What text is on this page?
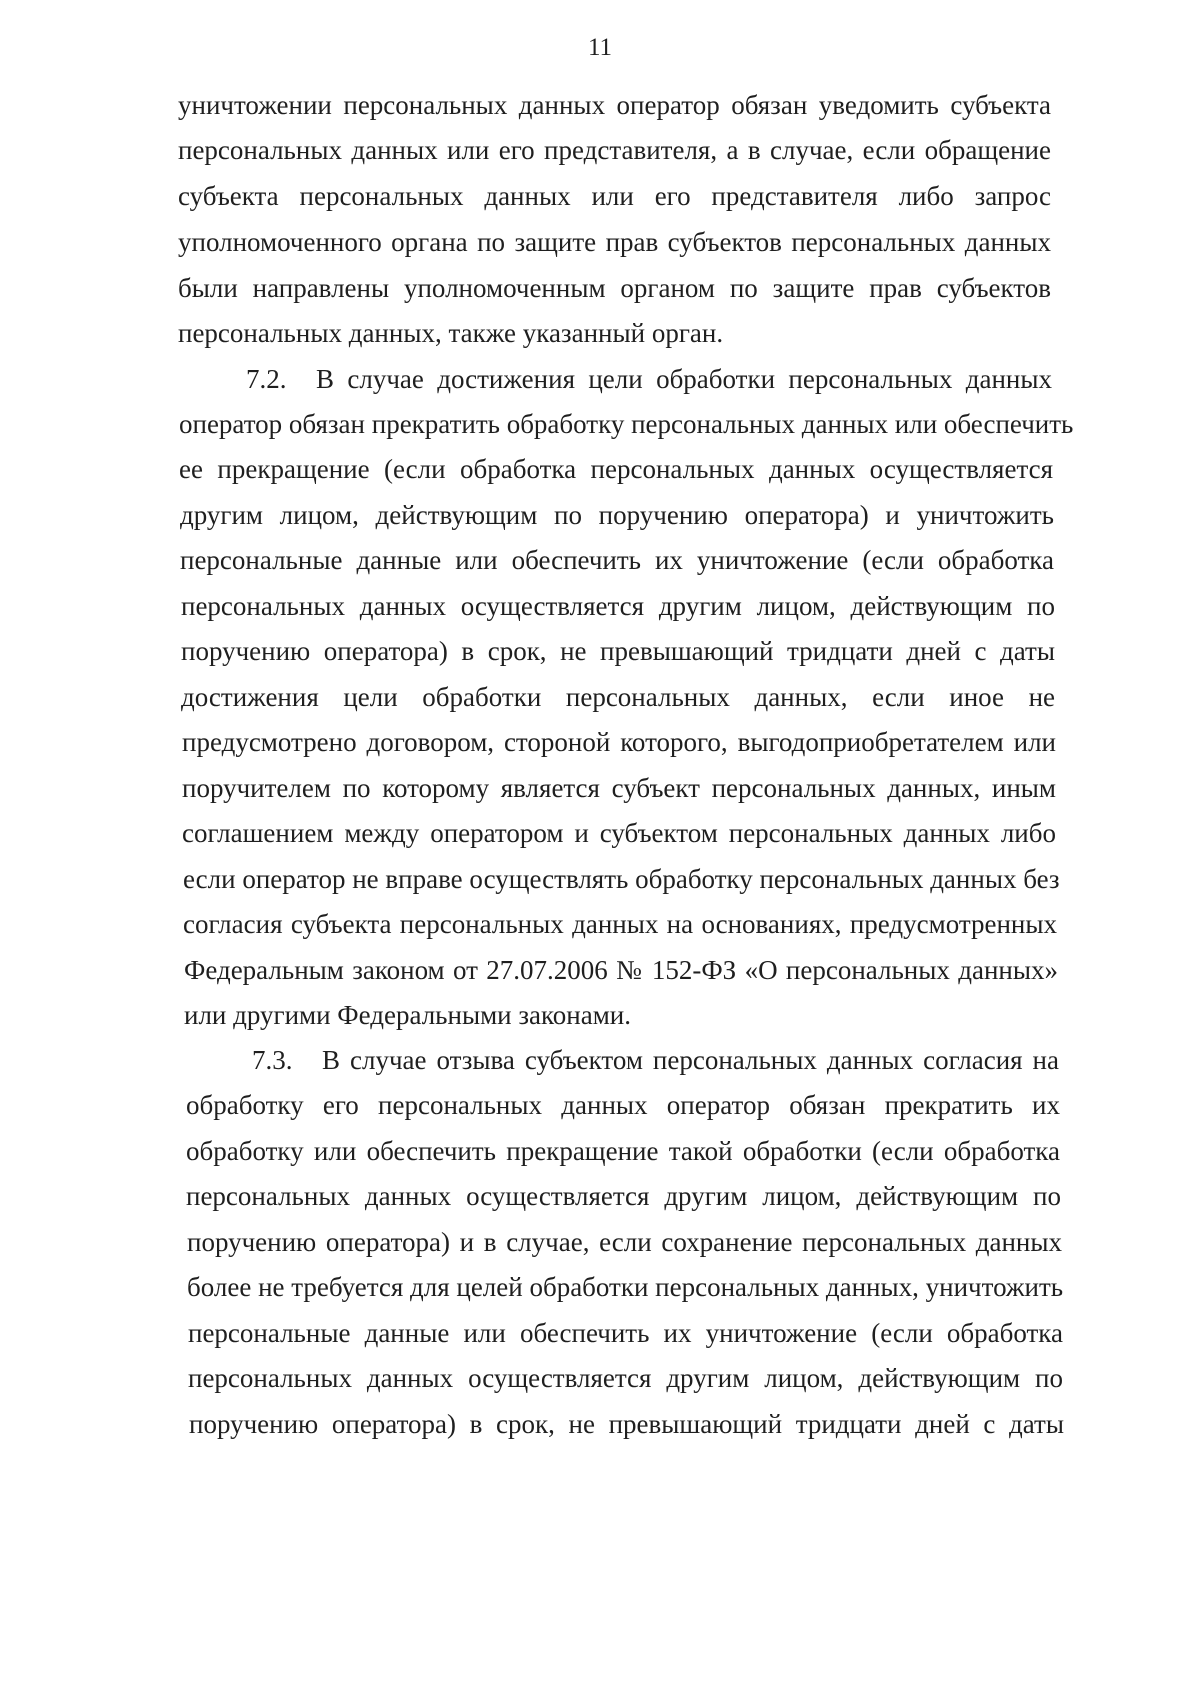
11
уничтожении персональных данных оператор обязан уведомить субъекта
персональных данных или его представителя, а в случае, если обращение
субъекта персональных данных или его представителя либо запрос
уполномоченного органа по защите прав субъектов персональных данных
были направлены уполномоченным органом по защите прав субъектов
персональных данных, также указанный орган.
7.2. В случае достижения цели обработки персональных данных
оператор обязан прекратить обработку персональных данных или обеспечить
ее прекращение (если обработка персональных данных осуществляется
другим лицом, действующим по поручению оператора) и уничтожить
персональные данные или обеспечить их уничтожение (если обработка
персональных данных осуществляется другим лицом, действующим по
поручению оператора) в срок, не превышающий тридцати дней с даты
достижения цели обработки персональных данных, если иное не
предусмотрено договором, стороной которого, выгодоприобретателем или
поручителем по которому является субъект персональных данных, иным
соглашением между оператором и субъектом персональных данных либо
если оператор не вправе осуществлять обработку персональных данных без
согласия субъекта персональных данных на основаниях, предусмотренных
Федеральным законом от 27.07.2006 № 152-ФЗ «О персональных данных»
или другими Федеральными законами.
7.3. В случае отзыва субъектом персональных данных согласия на
обработку его персональных данных оператор обязан прекратить их
обработку или обеспечить прекращение такой обработки (если обработка
персональных данных осуществляется другим лицом, действующим по
поручению оператора) и в случае, если сохранение персональных данных
более не требуется для целей обработки персональных данных, уничтожить
персональные данные или обеспечить их уничтожение (если обработка
персональных данных осуществляется другим лицом, действующим по
поручению оператора) в срок, не превышающий тридцати дней с даты
